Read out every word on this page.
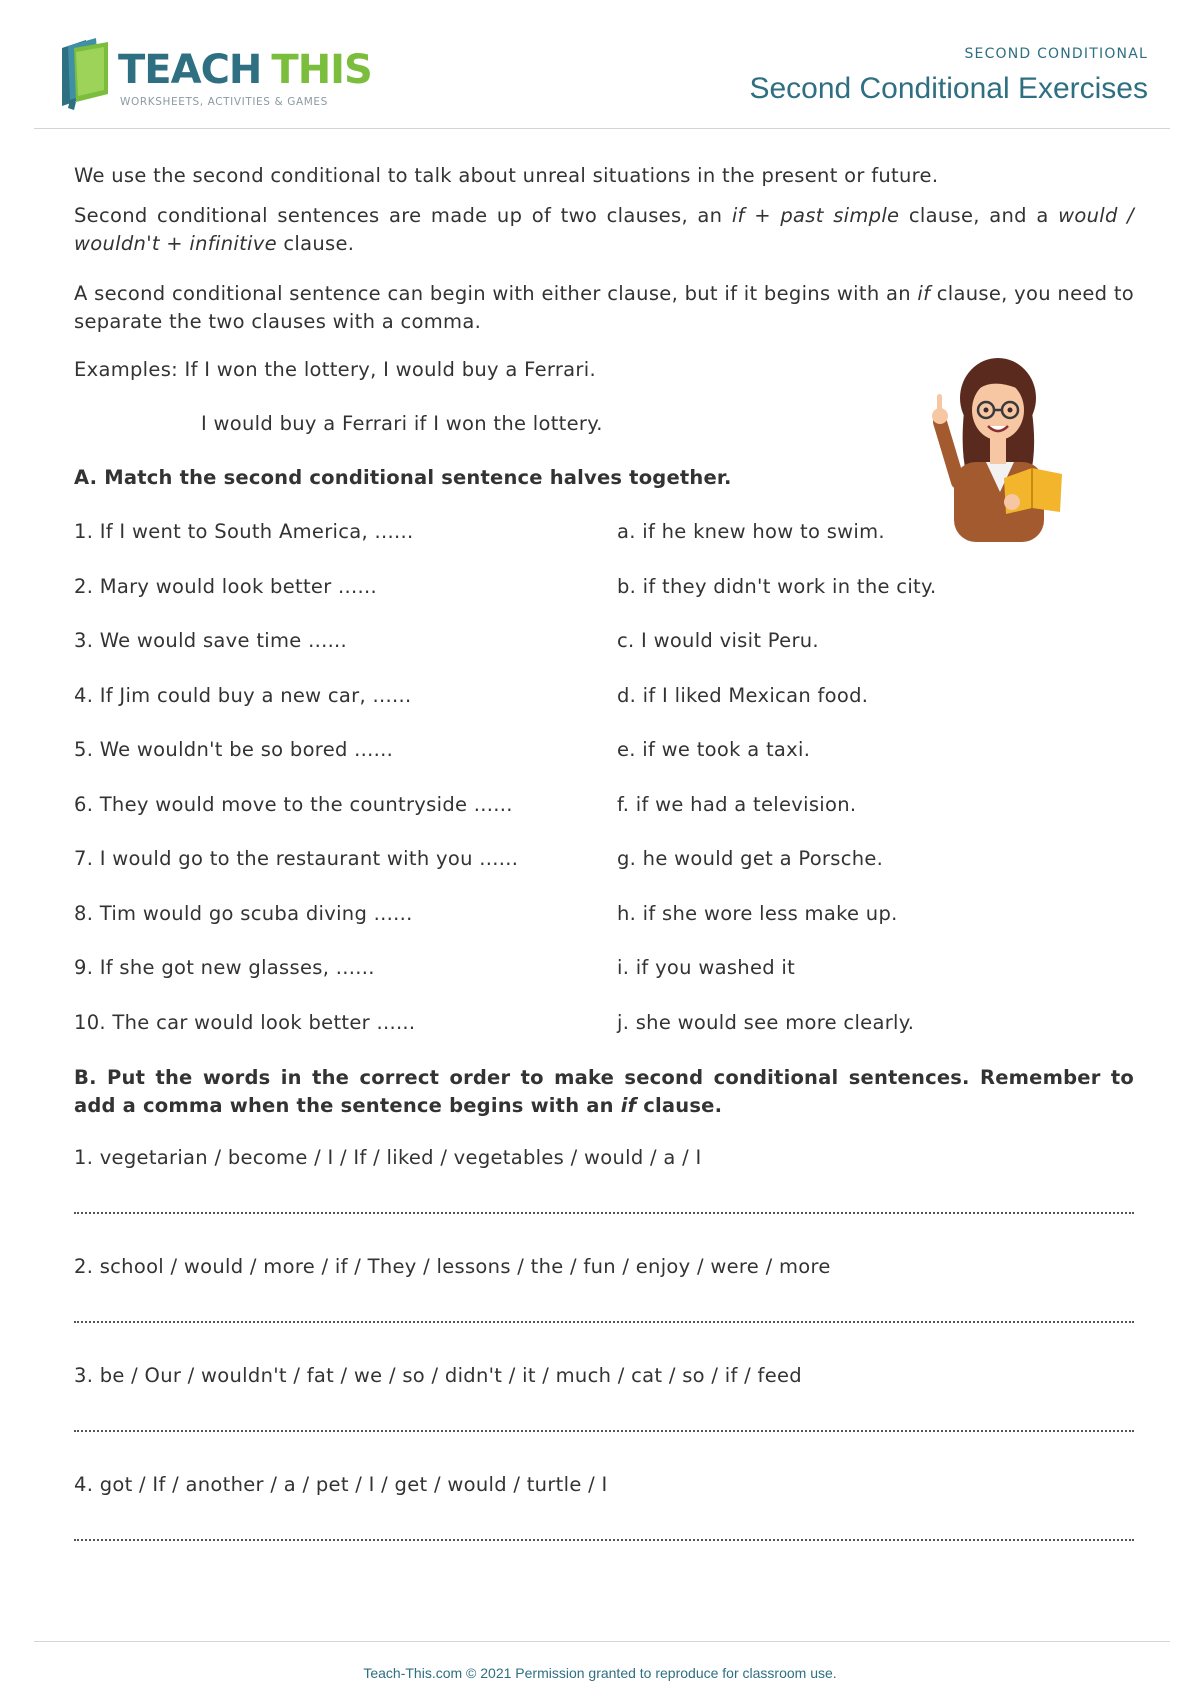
TEACH THIS
WORKSHEETS, ACTIVITIES & GAMES
SECOND CONDITIONAL
Second Conditional Exercises
We use the second conditional to talk about unreal situations in the present or future.
Second conditional sentences are made up of two clauses, an if + past simple clause, and a would / wouldn't + infinitive clause.
A second conditional sentence can begin with either clause, but if it begins with an if clause, you need to separate the two clauses with a comma.
Examples: If I won the lottery, I would buy a Ferrari.
I would buy a Ferrari if I won the lottery.
A. Match the second conditional sentence halves together.
1. If I went to South America, ......
2. Mary would look better ......
3. We would save time ......
4. If Jim could buy a new car, ......
5. We wouldn't be so bored ......
6. They would move to the countryside ......
7. I would go to the restaurant with you ......
8. Tim would go scuba diving ......
9. If she got new glasses, ......
10. The car would look better ......
a. if he knew how to swim.
b. if they didn't work in the city.
c. I would visit Peru.
d. if I liked Mexican food.
e. if we took a taxi.
f. if we had a television.
g. he would get a Porsche.
h. if she wore less make up.
i. if you washed it
j. she would see more clearly.
B. Put the words in the correct order to make second conditional sentences. Remember to add a comma when the sentence begins with an if clause.
1. vegetarian / become / I / If / liked / vegetables / would / a / I
2. school / would / more / if / They / lessons / the / fun / enjoy / were / more
3. be / Our / wouldn't / fat / we / so / didn't / it / much / cat / so / if / feed
4. got / If / another / a / pet / I / get / would / turtle / I
Teach-This.com © 2021 Permission granted to reproduce for classroom use.
